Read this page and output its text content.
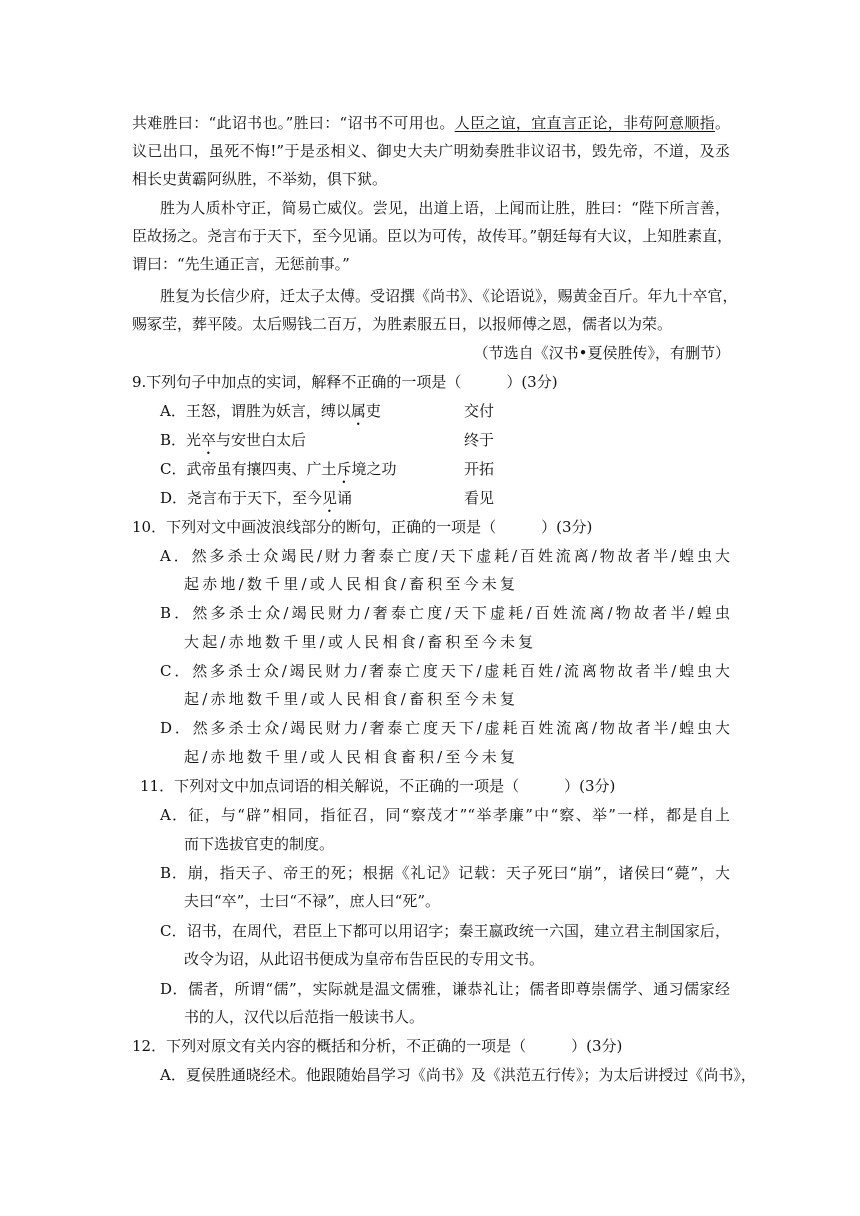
共难胜曰：“此诏书也。”胜曰：“诏书不可用也。人臣之谊，宜直言正论，非苟阿意顺指。
议已出口，虽死不悔!”于是丞相义、御史大夫广明劾奏胜非议诏书，毁先帝，不道，及丞
相长史黄霸阿纵胜，不举劾，俱下狱。
胜为人质朴守正，简易亡威仪。尝见，出道上语，上闻而让胜，胜曰：“陛下所言善，
臣故扬之。尧言布于天下，至今见诵。臣以为可传，故传耳。”朝廷每有大议，上知胜素直，
谓曰：“先生通正言，无惩前事。”
胜复为长信少府，迁太子太傅。受诏撰《尚书》、《论语说》，赐黄金百斤。年九十卒官，
赐冢茔，葬平陵。太后赐钱二百万，为胜素服五日，以报师傅之恩，儒者以为荣。
（节选自《汉书•夏侯胜传》，有删节）
9.下列句子中加点的实词，解释不正确的一项是（　　　）(3分)
A．王怒，谓胜为妖言，缚以属吏	交付
B．光卒与安世白太后	终于
C．武帝虽有攘四夷、广土斥境之功	开拓
D．尧言布于天下，至今见诵	看见
10．下列对文中画波浪线部分的断句，正确的一项是（　　　）(3分)
A．然多杀士众竭民/财力奢泰亡度/天下虚耗/百姓流离/物故者半/蝗虫大
起赤地/数千里/或人民相食/畜积至今未复
B．然多杀士众/竭民财力/奢泰亡度/天下虚耗/百姓流离/物故者半/蝗虫
大起/赤地数千里/或人民相食/畜积至今未复
C．然多杀士众/竭民财力/奢泰亡度天下/虚耗百姓/流离物故者半/蝗虫大
起/赤地数千里/或人民相食/畜积至今未复
D．然多杀士众/竭民财力/奢泰亡度天下/虚耗百姓流离/物故者半/蝗虫大
起/赤地数千里/或人民相食畜积/至今未复
11．下列对文中加点词语的相关解说，不正确的一项是（　　　）(3分)
A．征，与“辟”相同，指征召，同“察茂才”“举孝廉”中“察、举”一样，都是自上
而下选拔官吏的制度。
B．崩，指天子、帝王的死；根据《礼记》记载：天子死曰“崩”，诸侯曰“薨”，大
夫曰“卒”，士曰“不禄”，庶人曰“死”。
C．诏书，在周代，君臣上下都可以用诏字；秦王嬴政统一六国，建立君主制国家后，
改令为诏，从此诏书便成为皇帝布告臣民的专用文书。
D．儒者，所谓“儒”，实际就是温文儒雅，谦恭礼让；儒者即尊崇儒学、通习儒家经
书的人，汉代以后范指一般读书人。
12．下列对原文有关内容的概括和分析，不正确的一项是（　　　）(3分)
A．夏侯胜通晓经术。他跟随始昌学习《尚书》及《洪范五行传》；为太后讲授过《尚书》，
